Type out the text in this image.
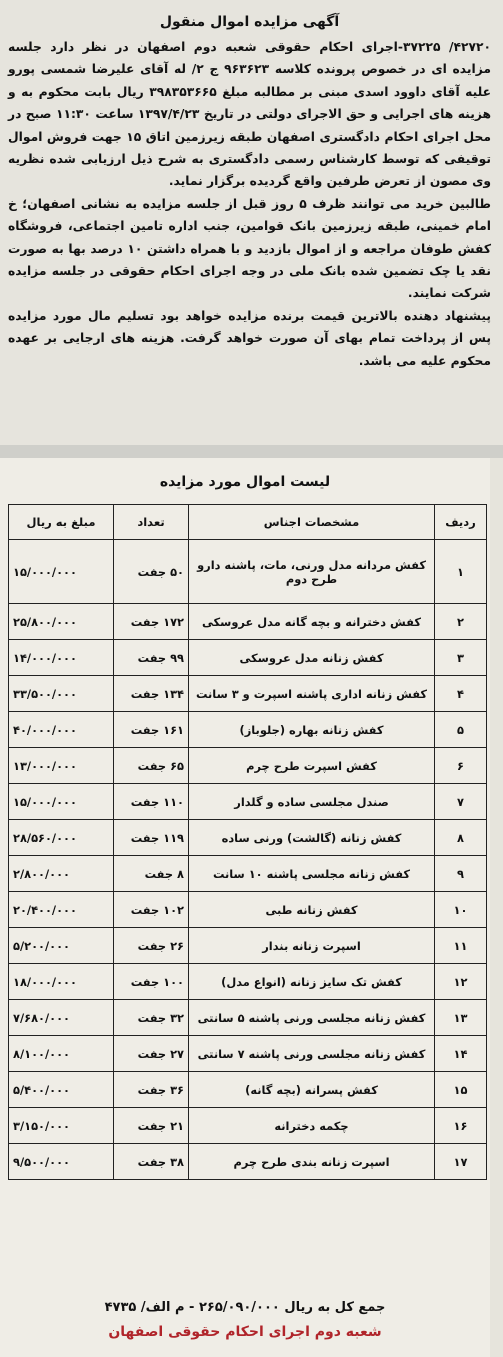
آگهی مزایده اموال منقول

۴۲۷۲۰/ ۳۷۲۲۵-اجرای احکام حقوقی شعبه دوم اصفهان در نظر دارد جلسه مزایده ای در خصوص پرونده کلاسه ۹۶۳۶۲۳ ج ۲/ له آقای علیرضا شمسی پورو علیه آقای داوود اسدی مبنی بر مطالبه مبلغ ۳۹۸۳۵۳۶۶۵ ریال بابت محکوم به و هزینه های اجرایی و حق الاجرای دولتی در تاریخ ۱۳۹۷/۴/۲۳ ساعت ۱۱:۳۰ صبح در محل اجرای احکام دادگستری اصفهان طبقه زیرزمین اتاق ۱۵ جهت فروش اموال توقیفی که توسط کارشناس رسمی دادگستری به شرح ذیل ارزیابی شده نظریه وی مصون از تعرض طرفین واقع گردیده برگزار نماید.

طالبین خرید می توانند ظرف ۵ روز قبل از جلسه مزایده به نشانی اصفهان؛ خ امام خمینی، طبقه زیرزمین بانک قوامین، جنب اداره تامین اجتماعی، فروشگاه کفش طوفان مراجعه و از اموال بازدید و با همراه داشتن ۱۰ درصد بها به صورت نقد یا چک تضمین شده بانک ملی در وجه اجرای احکام حقوقی در جلسه مزایده شرکت نمایند.

پیشنهاد دهنده بالاترین قیمت برنده مزایده خواهد بود تسلیم مال مورد مزایده پس از پرداخت تمام بهای آن صورت خواهد گرفت. هزینه های ارجایی بر عهده محکوم علیه می باشد.

لیست اموال مورد مزایده
ردیف	مشخصات اجناس	تعداد	مبلغ به ریال
۱	کفش مردانه مدل ورنی، مات، پاشنه دارو طرح دوم	۵۰ جفت	۱۵/۰۰۰/۰۰۰
۲	کفش دخترانه و بچه گانه مدل عروسکی	۱۷۲ جفت	۲۵/۸۰۰/۰۰۰
۳	کفش زنانه مدل عروسکی	۹۹ جفت	۱۴/۰۰۰/۰۰۰
۴	کفش زنانه اداری پاشنه اسپرت و ۳ سانت	۱۳۴ جفت	۳۳/۵۰۰/۰۰۰
۵	کفش زنانه بهاره (جلوباز)	۱۶۱ جفت	۴۰/۰۰۰/۰۰۰
۶	کفش اسپرت طرح چرم	۶۵ جفت	۱۳/۰۰۰/۰۰۰
۷	صندل مجلسی ساده و گلدار	۱۱۰ جفت	۱۵/۰۰۰/۰۰۰
۸	کفش زنانه (گالشت) ورنی ساده	۱۱۹ جفت	۲۸/۵۶۰/۰۰۰
۹	کفش زنانه مجلسی پاشنه ۱۰ سانت	۸ جفت	۲/۸۰۰/۰۰۰
۱۰	کفش زنانه طبی	۱۰۲ جفت	۲۰/۴۰۰/۰۰۰
۱۱	اسپرت زنانه بندار	۲۶ جفت	۵/۲۰۰/۰۰۰
۱۲	کفش تک سایز زنانه (انواع مدل)	۱۰۰ جفت	۱۸/۰۰۰/۰۰۰
۱۳	کفش زنانه مجلسی ورنی پاشنه ۵ سانتی	۳۲ جفت	۷/۶۸۰/۰۰۰
۱۴	کفش زنانه مجلسی ورنی پاشنه ۷ سانتی	۲۷ جفت	۸/۱۰۰/۰۰۰
۱۵	کفش پسرانه (بچه گانه)	۳۶ جفت	۵/۴۰۰/۰۰۰
۱۶	چکمه دخترانه	۲۱ جفت	۳/۱۵۰/۰۰۰
۱۷	اسپرت زنانه بندی طرح چرم	۳۸ جفت	۹/۵۰۰/۰۰۰
جمع کل به ریال ۲۶۵/۰۹۰/۰۰۰ - م الف/ ۴۷۳۵
شعبه دوم اجرای احکام حقوقی اصفهان
